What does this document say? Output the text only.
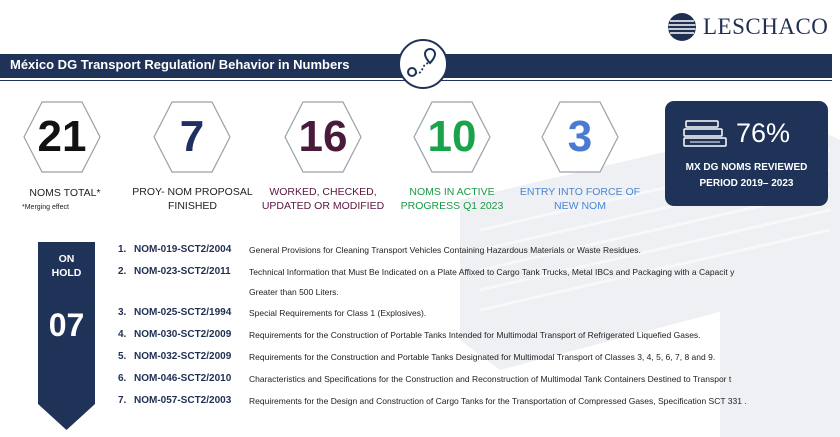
LESCHACO
México DG Transport Regulation/ Behavior in Numbers
21	7	16	10	3
NOMS TOTAL*
*Merging effect
PROY- NOM PROPOSAL FINISHED
WORKED, CHECKED, UPDATED OR MODIFIED
NOMS IN ACTIVE PROGRESS Q1 2023
ENTRY INTO FORCE OF NEW NOM
76%
MX DG NOMS REVIEWED
PERIOD 2019– 2023
ON
HOLD
07
1. NOM-019-SCT2/2004 General Provisions for Cleaning Transport Vehicles Containing Hazardous Materials or Waste Residues.
2. NOM-023-SCT2/2011 Technical Information that Must Be Indicated on a Plate Affixed to Cargo Tank Trucks, Metal IBCs and Packaging with a Capacit y
Greater than 500 Liters.
3. NOM-025-SCT2/1994 Special Requirements for Class 1 (Explosives).
4. NOM-030-SCT2/2009 Requirements for the Construction of Portable Tanks Intended for Multimodal Transport of Refrigerated Liquefied Gases.
5. NOM-032-SCT2/2009 Requirements for the Construction and Portable Tanks Designated for Multimodal Transport of Classes 3, 4, 5, 6, 7, 8 and 9.
6. NOM-046-SCT2/2010 Characteristics and Specifications for the Construction and Reconstruction of Multimodal Tank Containers Destined to Transpor t
7. NOM-057-SCT2/2003 Requirements for the Design and Construction of Cargo Tanks for the Transportation of Compressed Gases, Specification SCT 331 .
